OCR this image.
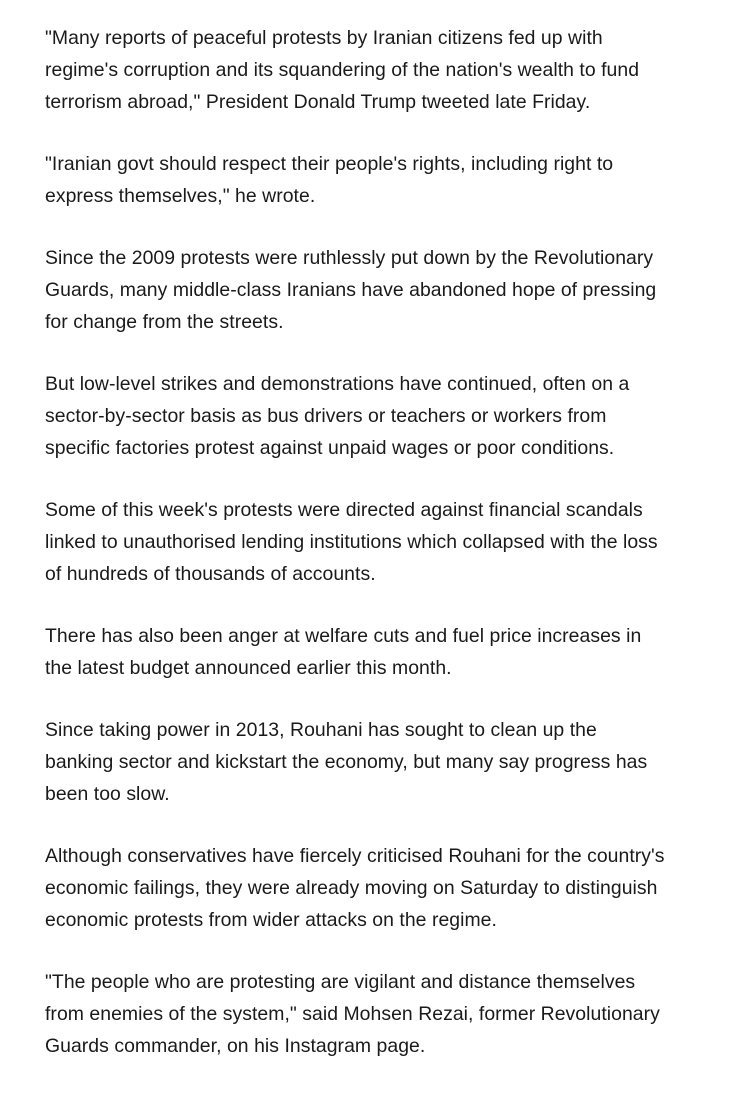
"Many reports of peaceful protests by Iranian citizens fed up with regime's corruption and its squandering of the nation's wealth to fund terrorism abroad," President Donald Trump tweeted late Friday.

"Iranian govt should respect their people's rights, including right to express themselves," he wrote.

Since the 2009 protests were ruthlessly put down by the Revolutionary Guards, many middle-class Iranians have abandoned hope of pressing for change from the streets.

But low-level strikes and demonstrations have continued, often on a sector-by-sector basis as bus drivers or teachers or workers from specific factories protest against unpaid wages or poor conditions.

Some of this week's protests were directed against financial scandals linked to unauthorised lending institutions which collapsed with the loss of hundreds of thousands of accounts.

There has also been anger at welfare cuts and fuel price increases in the latest budget announced earlier this month.

Since taking power in 2013, Rouhani has sought to clean up the banking sector and kickstart the economy, but many say progress has been too slow.

Although conservatives have fiercely criticised Rouhani for the country's economic failings, they were already moving on Saturday to distinguish economic protests from wider attacks on the regime.

"The people who are protesting are vigilant and distance themselves from enemies of the system," said Mohsen Rezai, former Revolutionary Guards commander, on his Instagram page.
